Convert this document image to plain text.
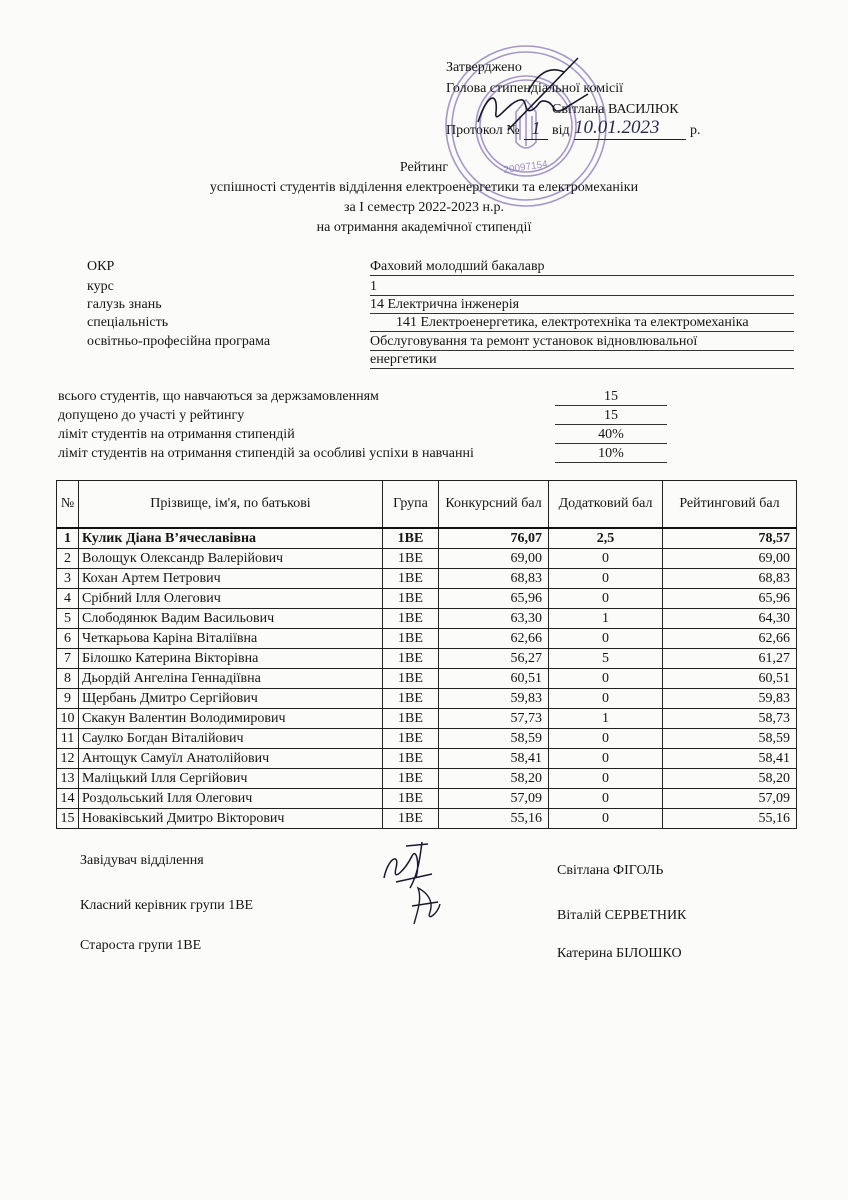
20097154
Затверджено
Голова стипендіальної комісії
Світлана ВАСИЛЮК
Протокол № 1 від 10.01.2023	р.
Рейтинг
успішності студентів відділення електроенергетики та електромеханіки
за І семестр 2022-2023 н.р.
на отримання академічної стипендії
ОКР	Фаховий молодший бакалавр
курс	1
галузь знань	14 Електрична інженерія
спеціальність	141 Електроенергетика, електротехніка та електромеханіка
освітньо-професійна програма	Обслуговування та ремонт установок відновлювальної
енергетики
всього студентів, що навчаються за держзамовленням	15
допущено до участі у рейтингу	15
ліміт студентів на отримання стипендій	40%
ліміт студентів на отримання стипендій за особливі успіхи в навчанні	10%
№	Прізвище, ім'я, по батькові	Група	Конкурсний бал	Додатковий бал	Рейтинговий бал
1	Кулик Діана В’ячеславівна	1ВЕ	76,07	2,5	78,57
2	Волощук Олександр Валерійович	1ВЕ	69,00	0	69,00
3	Кохан Артем Петрович	1ВЕ	68,83	0	68,83
4	Срібний Ілля Олегович	1ВЕ	65,96	0	65,96
5	Слободянюк Вадим Васильович	1ВЕ	63,30	1	64,30
6	Четкарьова Каріна Віталіївна	1ВЕ	62,66	0	62,66
7	Білошко Катерина Вікторівна	1ВЕ	56,27	5	61,27
8	Дьордій Ангеліна Геннадіївна	1ВЕ	60,51	0	60,51
9	Щербань Дмитро Сергійович	1ВЕ	59,83	0	59,83
10	Скакун Валентин Володимирович	1ВЕ	57,73	1	58,73
11	Саулко Богдан Віталійович	1ВЕ	58,59	0	58,59
12	Антощук Самуїл Анатолійович	1ВЕ	58,41	0	58,41
13	Маліцький Ілля Сергійович	1ВЕ	58,20	0	58,20
14	Роздольський Ілля Олегович	1ВЕ	57,09	0	57,09
15	Новаківський Дмитро Вікторович	1ВЕ	55,16	0	55,16
Завідувач відділення
Світлана ФІГОЛЬ
Класний керівник групи 1ВЕ
Віталій СЕРВЕТНИК
Староста групи 1ВЕ
Катерина БІЛОШКО
